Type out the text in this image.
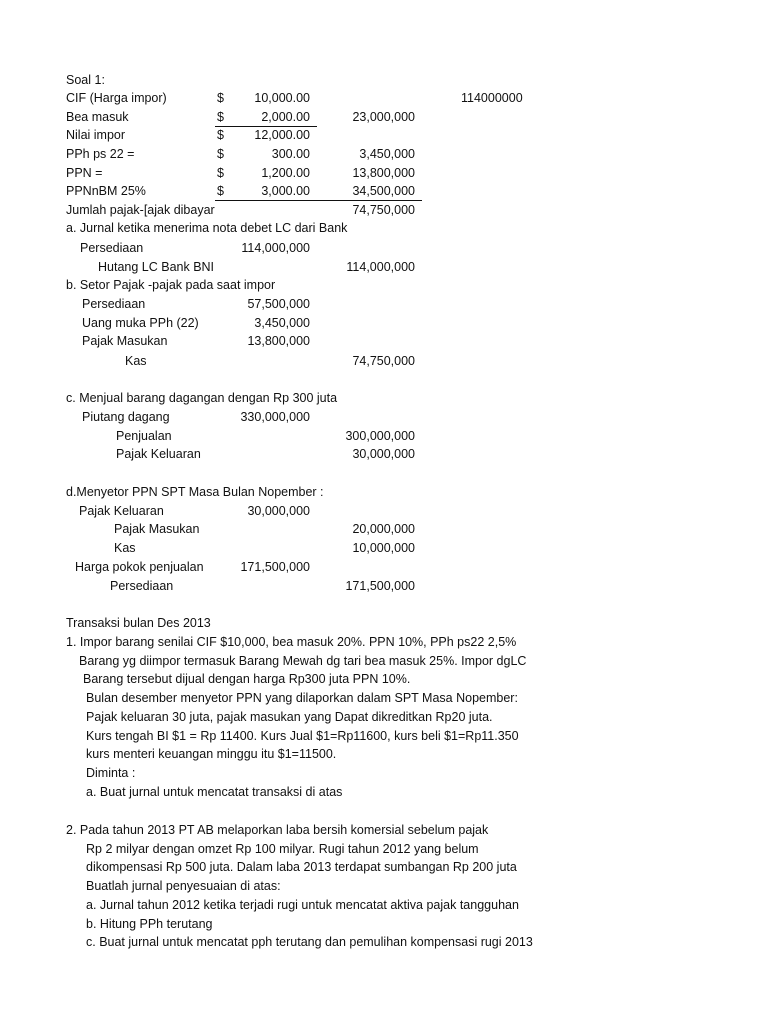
Soal 1:
CIF (Harga impor)	$	10,000.00	114000000
Bea masuk	$	2,000.00	23,000,000
Nilai impor	$	12,000.00
PPh ps 22 =	$	300.00	3,450,000
PPN =	$	1,200.00	13,800,000
PPNnBM 25%	$	3,000.00	34,500,000
Jumlah pajak-[ajak dibayar	74,750,000
a. Jurnal ketika menerima nota debet LC dari Bank
Persediaan	114,000,000
Hutang LC Bank BNI	114,000,000
b. Setor Pajak -pajak pada saat impor
Persediaan	57,500,000
Uang muka PPh (22)	3,450,000
Pajak Masukan	13,800,000
Kas	74,750,000
c. Menjual barang dagangan dengan Rp 300 juta
Piutang dagang	330,000,000
Penjualan	300,000,000
Pajak Keluaran	30,000,000
d.Menyetor PPN SPT Masa Bulan Nopember :
Pajak Keluaran	30,000,000
Pajak Masukan	20,000,000
Kas	10,000,000
Harga pokok penjualan	171,500,000
Persediaan	171,500,000
Transaksi bulan Des 2013
1. Impor barang senilai CIF $10,000, bea masuk 20%. PPN 10%, PPh ps22 2,5%
Barang yg diimpor termasuk Barang Mewah dg tari bea masuk 25%. Impor dgLC
Barang tersebut dijual dengan harga Rp300 juta PPN 10%.
Bulan desember menyetor PPN yang dilaporkan dalam SPT Masa Nopember:
Pajak keluaran 30 juta, pajak masukan yang Dapat dikreditkan Rp20 juta.
Kurs tengah BI $1 = Rp 11400. Kurs Jual $1=Rp11600, kurs beli $1=Rp11.350
kurs menteri keuangan minggu itu $1=11500.
Diminta :
a. Buat jurnal untuk mencatat transaksi di atas
2. Pada tahun 2013 PT AB melaporkan laba bersih komersial sebelum pajak
Rp 2 milyar dengan omzet Rp 100 milyar. Rugi tahun 2012 yang belum
dikompensasi Rp 500 juta. Dalam laba 2013 terdapat sumbangan Rp 200 juta
Buatlah jurnal penyesuaian di atas:
a. Jurnal tahun 2012 ketika terjadi rugi untuk mencatat aktiva pajak tangguhan
b. Hitung PPh terutang
c. Buat jurnal untuk mencatat pph terutang dan pemulihan kompensasi rugi 2013
